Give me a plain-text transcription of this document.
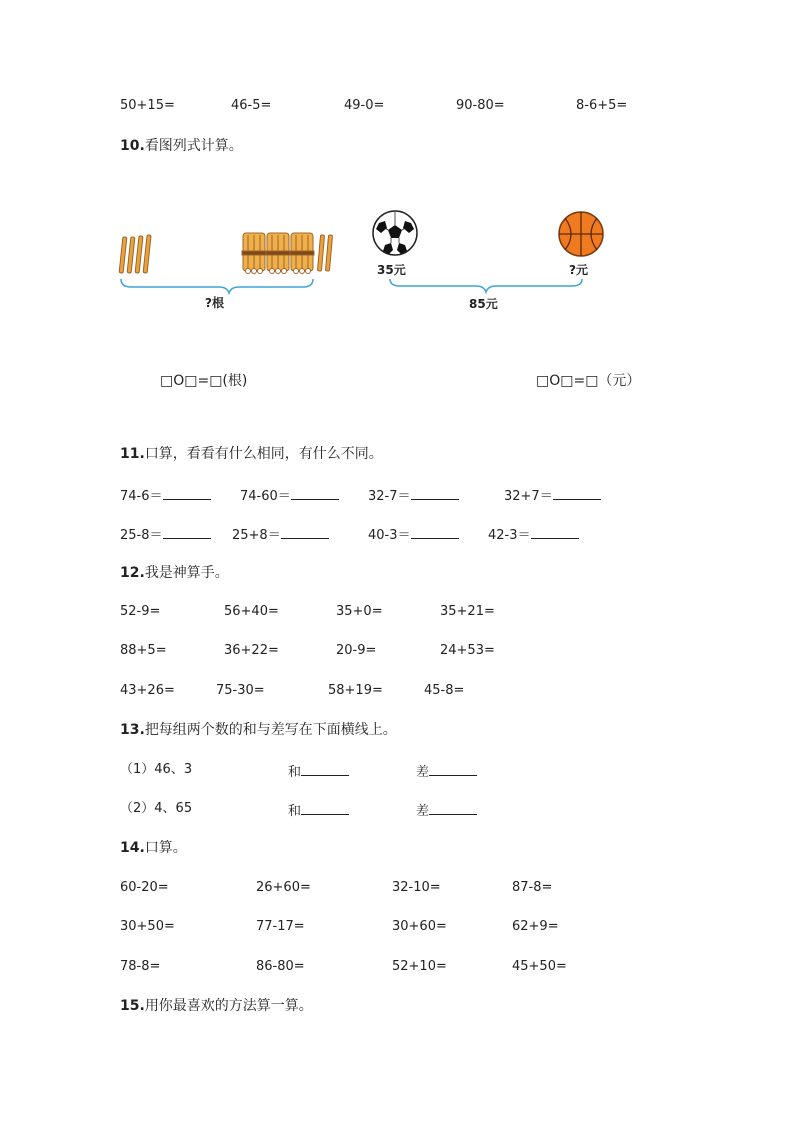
50+15=	46-5=	49-0=	90-80=	8-6+5=
10.看图列式计算。
?根
35元	?元
85元
□O□=□(根)	□O□=□（元）
11.口算，看看有什么相同，有什么不同。
74-6＝	74-60＝	32-7＝	32+7＝
25-8＝	25+8＝	40-3＝	42-3＝
12.我是神算手。
52-9=	56+40=	35+0=	35+21=
88+5=	36+22=	20-9=	24+53=
43+26=	75-30=	58+19=	45-8=
13.把每组两个数的和与差写在下面横线上。
（1）46、3	和	差
（2）4、65	和	差
14.口算。
60-20=	26+60=	32-10=	87-8=
30+50=	77-17=	30+60=	62+9=
78-8=	86-80=	52+10=	45+50=
15.用你最喜欢的方法算一算。
